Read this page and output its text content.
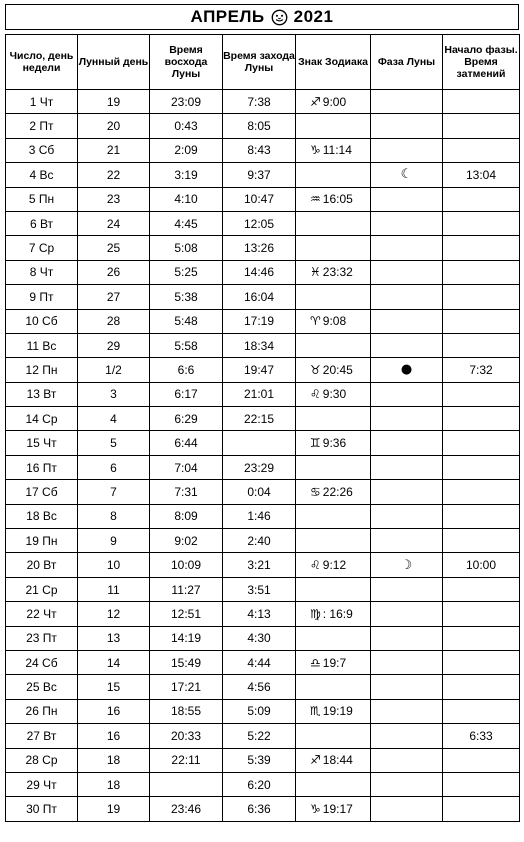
АПРЕЛЬ 2021
Число, день недели	Лунный день	Время восхода Луны	Время захода Луны	Знак Зодиака	Фаза Луны	Начало фазы. Время затмений
1 Чт	19	23:09	7:38	♐ 9:00		
2 Пт	20	0:43	8:05			
3 Сб	21	2:09	8:43	♑ 11:14		
4 Вс	22	3:19	9:37		☾	13:04
5 Пн	23	4:10	10:47	♒ 16:05		
6 Вт	24	4:45	12:05			
7 Ср	25	5:08	13:26			
8 Чт	26	5:25	14:46	♓ 23:32		
9 Пт	27	5:38	16:04			
10 Сб	28	5:48	17:19	♈ 9:08		
11 Вс	29	5:58	18:34			
12 Пн	1/2	6:6	19:47	♉ 20:45	●	7:32
13 Вт	3	6:17	21:01	♌ 9:30		
14 Ср	4	6:29	22:15			
15 Чт	5	6:44		♊ 9:36		
16 Пт	6	7:04	23:29			
17 Сб	7	7:31	0:04	♋ 22:26		
18 Вс	8	8:09	1:46			
19 Пн	9	9:02	2:40			
20 Вт	10	10:09	3:21	♌ 9:12	☽	10:00
21 Ср	11	11:27	3:51			
22 Чт	12	12:51	4:13	♍ : 16:9		
23 Пт	13	14:19	4:30			
24 Сб	14	15:49	4:44	♎ 19:7		
25 Вс	15	17:21	4:56			
26 Пн	16	18:55	5:09	♏ 19:19		
27 Вт	16	20:33	5:22			6:33
28 Ср	18	22:11	5:39	♐ 18:44		
29 Чт	18		6:20			
30 Пт	19	23:46	6:36	♑ 19:17		
